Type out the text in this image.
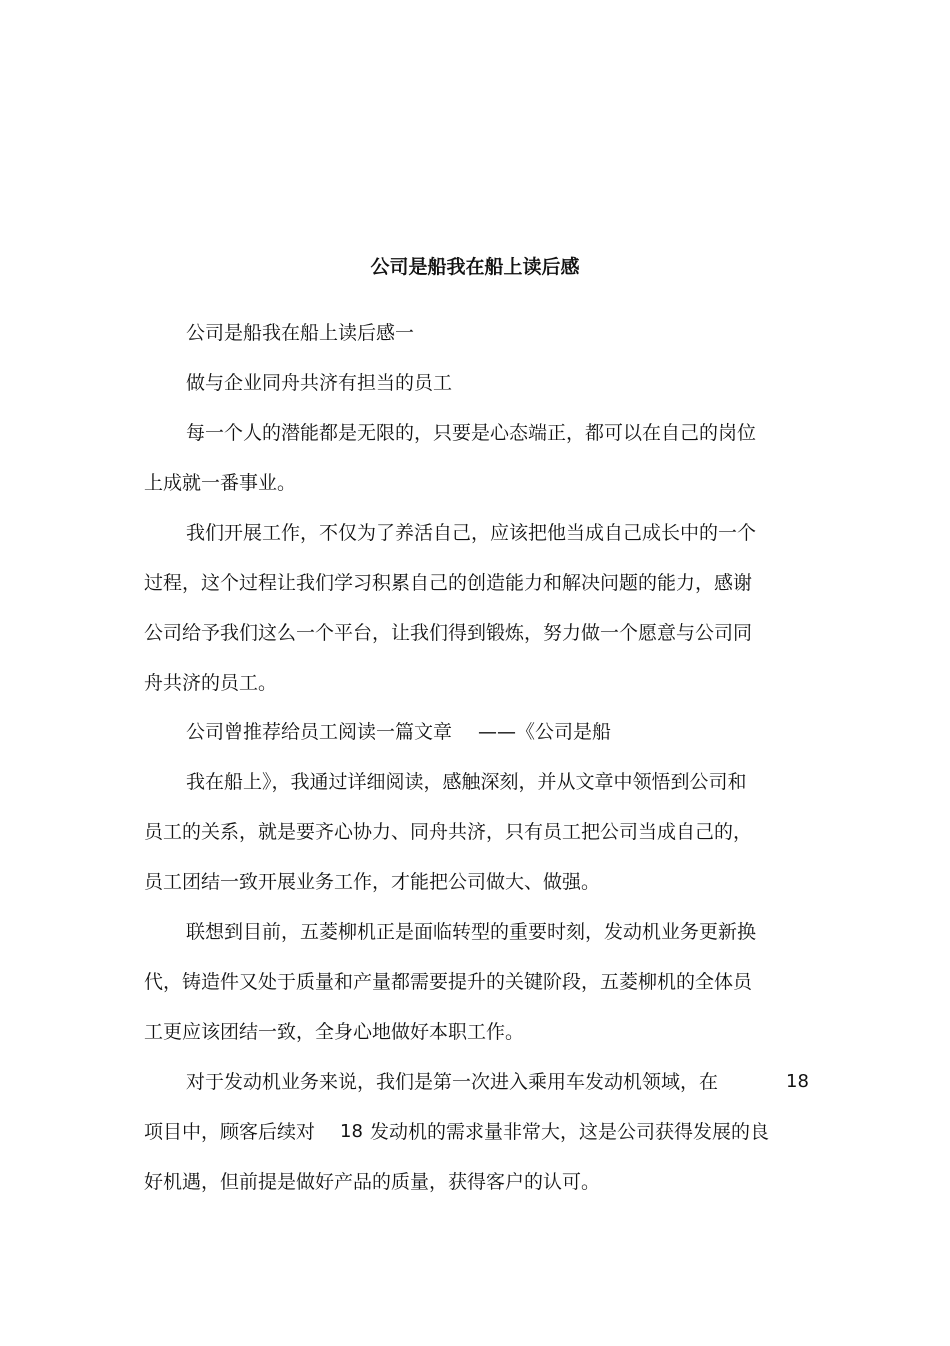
公司是船我在船上读后感

公司是船我在船上读后感一

做与企业同舟共济有担当的员工

每一个人的潜能都是无限的，只要是心态端正，都可以在自己的岗位

上成就一番事业。

我们开展工作，不仅为了养活自己，应该把他当成自己成长中的一个

过程，这个过程让我们学习积累自己的创造能力和解决问题的能力，感谢

公司给予我们这么一个平台，让我们得到锻炼，努力做一个愿意与公司同

舟共济的员工。

公司曾推荐给员工阅读一篇文章 ——《公司是船

我在船上》，我通过详细阅读，感触深刻，并从文章中领悟到公司和

员工的关系，就是要齐心协力、同舟共济，只有员工把公司当成自己的，

员工团结一致开展业务工作，才能把公司做大、做强。

联想到目前，五菱柳机正是面临转型的重要时刻，发动机业务更新换

代，铸造件又处于质量和产量都需要提升的关键阶段，五菱柳机的全体员

工更应该团结一致，全身心地做好本职工作。

对于发动机业务来说，我们是第一次进入乘用车发动机领域，在	18

项目中，顾客后续对 18 发动机的需求量非常大，这是公司获得发展的良

好机遇，但前提是做好产品的质量，获得客户的认可。
